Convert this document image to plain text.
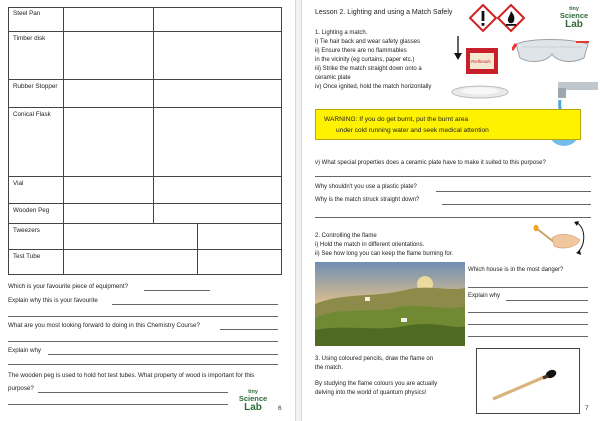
Steel Pan
Timber disk
Rubber Stopper
Conical Flask
Vial
Wooden Peg
Tweezers
Test Tube
Which is your favourite piece of equipment?
Explain why this is your favourite
What are you most looking forward to doing in this Chemistry Course?
Explain why
The wooden peg is used to hold hot test tubes. What property of wood is important for this
purpose?	tiny
Science
Lab	6
Lesson 2. Lighting and using a Match Safely	tiny
Science
Lab
1. Lighting a match.
i) Tie hair back and wear safety glasses
ii) Ensure there are no flammables
in the vicinity (eg curtains, paper etc.)
iii) Strike the match straight down onto a
ceramic plate
iv) Once ignited, hold the match horizontally
Redheads
WARNING: If you do get burnt, put the burnt area
under cold running water and seek medical attention
v) What special properties does a ceramic plate have to make it suited to this purpose?
Why shouldn't you use a plastic plate?
Why is the match struck straight down?
2. Controlling the flame
i) Hold the match in different orientations.
ii) See how long you can keep the flame burning for.
Which house is in the most danger?
Explain why
3. Using coloured pencils, draw the flame on
the match.
By studying the flame colours you are actually
delving into the world of quantum physics!
7
